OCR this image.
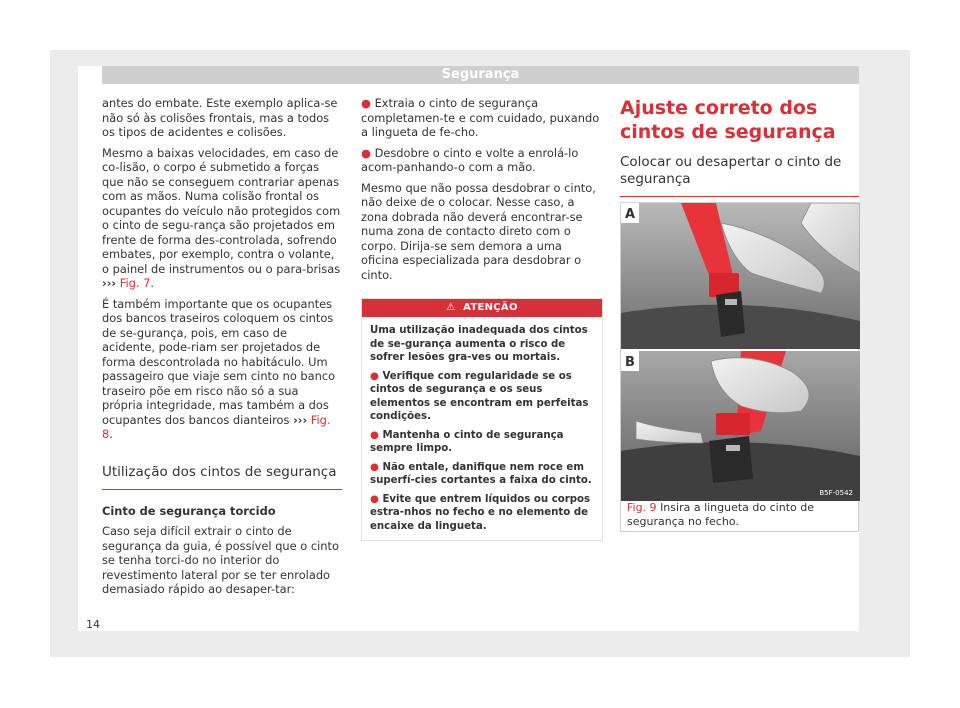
Segurança

antes do embate. Este exemplo aplica-se não só às colisões frontais, mas a todos os tipos de acidentes e colisões.

Mesmo a baixas velocidades, em caso de co-lisão, o corpo é submetido a forças que não se conseguem contrariar apenas com as mãos. Numa colisão frontal os ocupantes do veículo não protegidos com o cinto de segu-rança são projetados em frente de forma des-controlada, sofrendo embates, por exemplo, contra o volante, o painel de instrumentos ou o para-brisas ››› Fig. 7.

É também importante que os ocupantes dos bancos traseiros coloquem os cintos de se-gurança, pois, em caso de acidente, pode-riam ser projetados de forma descontrolada no habitáculo. Um passageiro que viaje sem cinto no banco traseiro põe em risco não só a sua própria integridade, mas também a dos ocupantes dos bancos dianteiros ››› Fig. 8.

Utilização dos cintos de segurança

Cinto de segurança torcido

Caso seja difícil extrair o cinto de segurança da guia, é possível que o cinto se tenha torci-do no interior do revestimento lateral por se ter enrolado demasiado rápido ao desaper-tar:

● Extraia o cinto de segurança completamen-te e com cuidado, puxando a lingueta de fe-cho.

● Desdobre o cinto e volte a enrolá-lo acom-panhando-o com a mão.

Mesmo que não possa desdobrar o cinto, não deixe de o colocar. Nesse caso, a zona dobrada não deverá encontrar-se numa zona de contacto direto com o corpo. Dirija-se sem demora a uma oficina especializada para desdobrar o cinto.

⚠ ATENÇÃO

Uma utilização inadequada dos cintos de se-gurança aumenta o risco de sofrer lesões gra-ves ou mortais.

● Verifique com regularidade se os cintos de segurança e os seus elementos se encontram em perfeitas condições.

● Mantenha o cinto de segurança sempre limpo.

● Não entale, danifique nem roce em superfí-cies cortantes a faixa do cinto.

● Evite que entrem líquidos ou corpos estra-nhos no fecho e no elemento de encaixe da lingueta.

Ajuste correto dos cintos de segurança
Colocar ou desapertar o cinto de segurança
A
B
B5F-0542
Fig. 9 Insira a lingueta do cinto de segurança no fecho.
14
